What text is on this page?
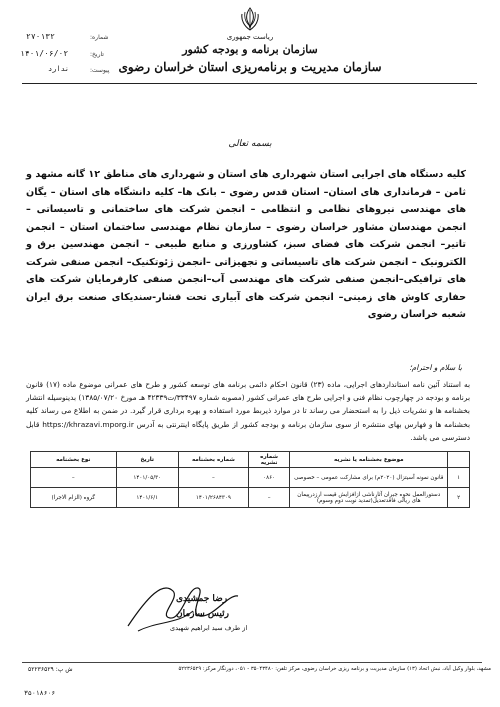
ریاست جمهوری
سازمان برنامه و بودجه کشور
سازمان مدیریت و برنامه‌ریزی استان خراسان رضوی
۲۷۰۱۳۲	شماره:
۱۴۰۱/۰۶/۰۲	تاریخ:
ندارد	پیوست:
بسمه تعالی
کلیه دستگاه های اجرایی استان شهرداری های استان و شهرداری های مناطق ۱۲ گانه مشهد و ثامن – فرمانداری های استان– استان قدس رضوی – بانک ها– کلیه دانشگاه های استان – یگان های مهندسی نیروهای نظامی و انتظامی – انجمن شرکت های ساختمانی و تاسیساتی – انجمن مهندسان مشاور خراسان رضوی – سازمان نظام مهندسی ساختمان استان – انجمن تاتیر– انجمن شرکت های فضای سبز، کشاورزی و منابع طبیعی – انجمن مهندسین برق و الکترونیک – انجمن شرکت های تاسیساتی و تجهیزاتی –انجمن ژئوتکنیک– انجمن صنفی شرکت های ترافیکی–انجمن صنفی شرکت های مهندسی آب–انجمن صنفی کارفرمایان شرکت های حفاری کاوش های زمینی– انجمن شرکت های آبیاری تحت فشار-سندیکای صنعت برق ایران شعبه خراسان رضوی
با سلام و احترام؛
به استناد آئین نامه استانداردهای اجرایی، ماده (۲۳) قانون احکام دائمی برنامه های توسعه کشور و طرح های عمرانی موضوع ماده (۱۷) قانون برنامه و بودجه در چهارچوب نظام فنی و اجرایی طرح های عمرانی کشور (مصوبه شماره ۳۳۴۹۷/ت۴۲۳۳۹ هـ مورخ ۱۳۸۵/۰۷/۲۰) بدینوسیله انتشار بخشنامه ها و نشریات ذیل را به استحضار می رساند تا در موارد ذیربط مورد استفاده و بهره برداری قرار گیرد. در ضمن به اطلاع می رساند کلیه بخشنامه ها و فهارس بهای منتشره از سوی سازمان برنامه و بودجه کشور از طریق پایگاه اینترنتی به آدرس https://khrazavi.mporg.ir قابل دسترسی می باشد.
	موضوع بخشنامه یا نشریه	شماره نشریه	شماره بخشنامه	تاریخ	نوع بخشنامه
۱	قانون نمونه آسیتزال (۲۰۲۰م) برای مشارکت عمومی – خصوصی	۰۸۶۰	–	۱۴۰۱/۰۵/۳۰	–
۲	دستورالعمل نحوه جبران آثارناشی ازافزایش قیمت ارزدرپیمان های ریالی فاقدتعدیل(تمدید نوبت دوم وسوم)	–	۱۴۰۱/۲۶۸۴۳۰۹	۱۴۰۱/۶/۱	گروه (الزام الاجرا)
رضا جمشیدی
رئیس سازمان
از طرف سید ابراهیم شهیدی
مشهد، بلوار وکیل آباد، نبش اتحاد (۱۳) سازمان مدیریت و برنامه ریزی خراسان رضوی، مرکز تلفن: ۳۵۰۴۳۴۸۰ - ۰۵۱، دورنگار مرکز: ۵۲۲۳۶۵۲۹
ش پ: ۵۲۲۳۶۵۲۹
۳۵۰۱۸۶۰۶
